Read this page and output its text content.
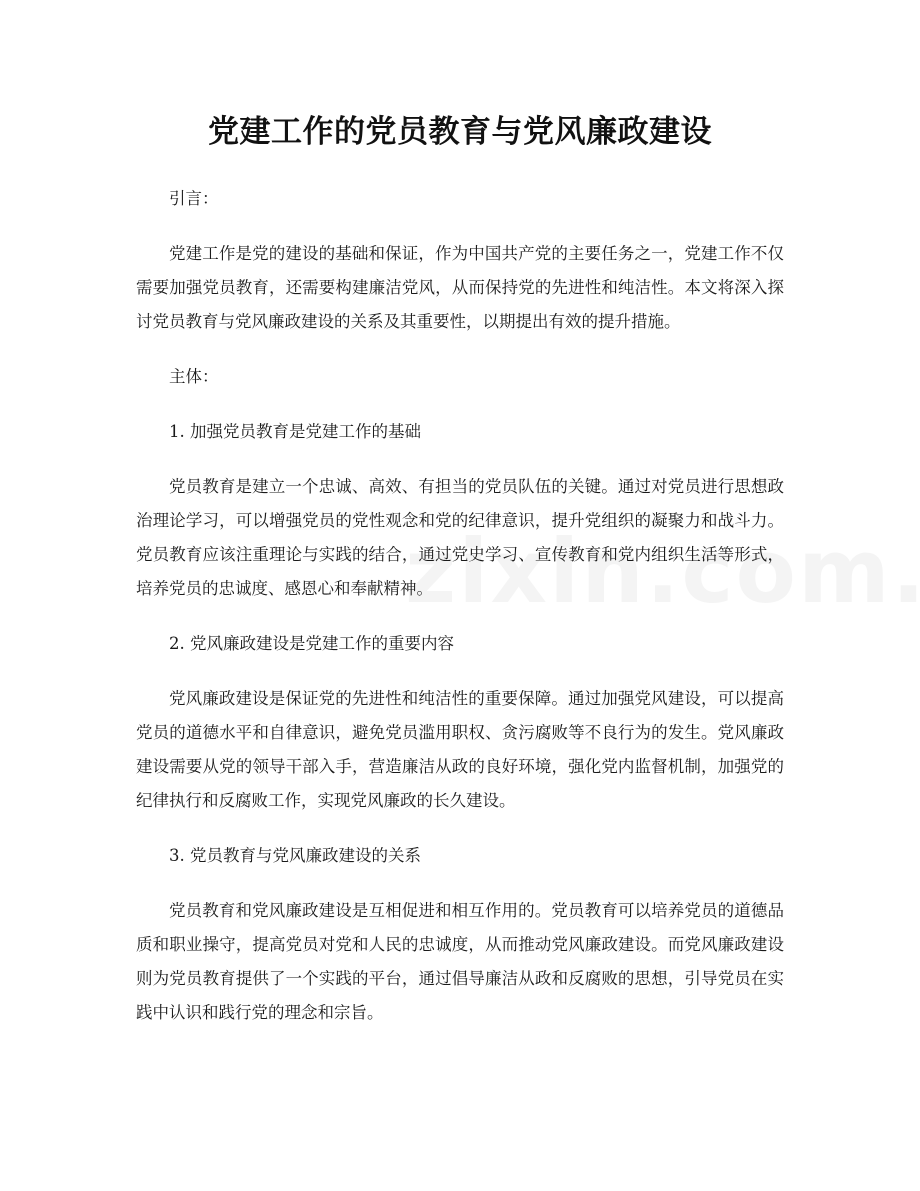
党建工作的党员教育与党风廉政建设

引言：

党建工作是党的建设的基础和保证，作为中国共产党的主要任务之一，党建工作不仅需要加强党员教育，还需要构建廉洁党风，从而保持党的先进性和纯洁性。本文将深入探讨党员教育与党风廉政建设的关系及其重要性，以期提出有效的提升措施。

主体：

1. 加强党员教育是党建工作的基础

党员教育是建立一个忠诚、高效、有担当的党员队伍的关键。通过对党员进行思想政治理论学习，可以增强党员的党性观念和党的纪律意识，提升党组织的凝聚力和战斗力。党员教育应该注重理论与实践的结合，通过党史学习、宣传教育和党内组织生活等形式，培养党员的忠诚度、感恩心和奉献精神。

2. 党风廉政建设是党建工作的重要内容

党风廉政建设是保证党的先进性和纯洁性的重要保障。通过加强党风建设，可以提高党员的道德水平和自律意识，避免党员滥用职权、贪污腐败等不良行为的发生。党风廉政建设需要从党的领导干部入手，营造廉洁从政的良好环境，强化党内监督机制，加强党的纪律执行和反腐败工作，实现党风廉政的长久建设。

3. 党员教育与党风廉政建设的关系

党员教育和党风廉政建设是互相促进和相互作用的。党员教育可以培养党员的道德品质和职业操守，提高党员对党和人民的忠诚度，从而推动党风廉政建设。而党风廉政建设则为党员教育提供了一个实践的平台，通过倡导廉洁从政和反腐败的思想，引导党员在实践中认识和践行党的理念和宗旨。
